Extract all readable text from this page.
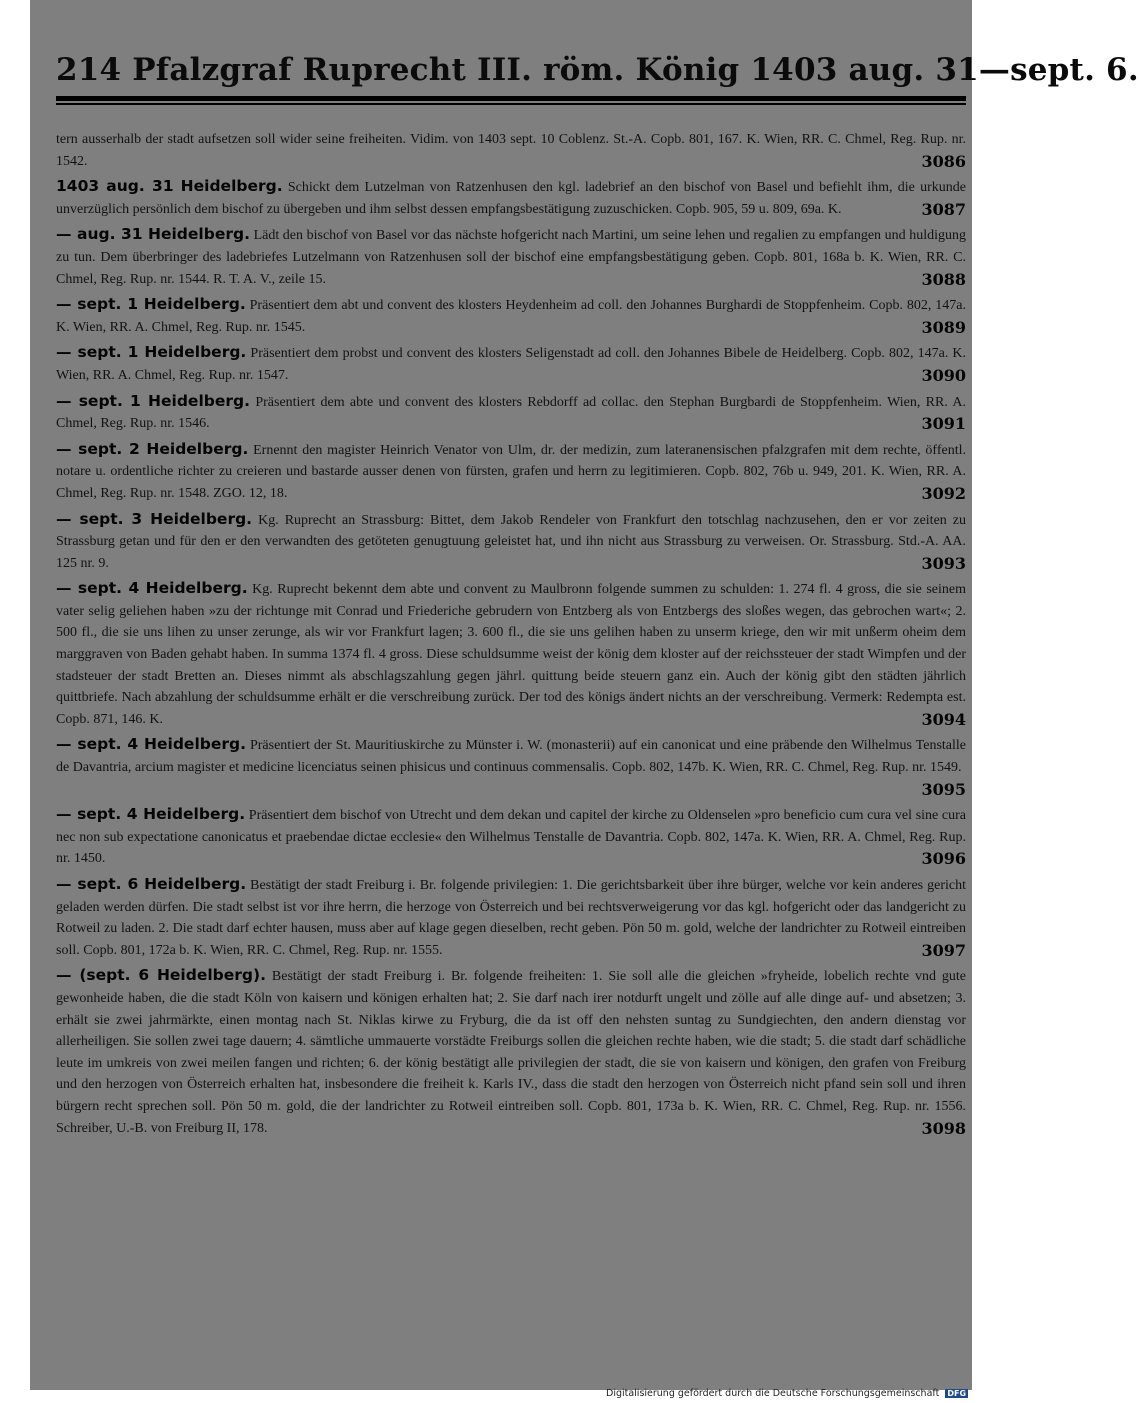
214 Pfalzgraf Ruprecht III. röm. König 1403 aug. 31—sept. 6.
tern ausserhalb der stadt aufsetzen soll wider seine freiheiten. Vidim. von 1403 sept. 10 Coblenz. St.-A. Copb. 801, 167. K. Wien, RR. C. Chmel, Reg. Rup. nr. 1542.	3086
1403 aug. 31 Heidelberg. Schickt dem Lutzelman von Ratzenhusen den kgl. ladebrief an den bischof von Basel und befiehlt ihm, die urkunde unverzüglich persönlich dem bischof zu übergeben und ihm selbst dessen empfangsbestätigung zuzuschicken. Copb. 905, 59 u. 809, 69a. K.	3087
— aug. 31 Heidelberg. Lädt den bischof von Basel vor das nächste hofgericht nach Martini, um seine lehen und regalien zu empfangen und huldigung zu tun. Dem überbringer des ladebriefes Lutzelmann von Ratzenhusen soll der bischof eine empfangsbestätigung geben. Copb. 801, 168a b. K. Wien, RR. C. Chmel, Reg. Rup. nr. 1544. R. T. A. V., zeile 15.	3088
— sept. 1 Heidelberg. Präsentiert dem abt und convent des klosters Heydenheim ad coll. den Johannes Burghardi de Stoppfenheim. Copb. 802, 147a. K. Wien, RR. A. Chmel, Reg. Rup. nr. 1545.	3089
— sept. 1 Heidelberg. Präsentiert dem probst und convent des klosters Seligenstadt ad coll. den Johannes Bibele de Heidelberg. Copb. 802, 147a. K. Wien, RR. A. Chmel, Reg. Rup. nr. 1547.	3090
— sept. 1 Heidelberg. Präsentiert dem abte und convent des klosters Rebdorff ad collac. den Stephan Burgbardi de Stoppfenheim. Wien, RR. A. Chmel, Reg. Rup. nr. 1546.	3091
— sept. 2 Heidelberg. Ernennt den magister Heinrich Venator von Ulm, dr. der medizin, zum lateranensischen pfalzgrafen mit dem rechte, öffentl. notare u. ordentliche richter zu creieren und bastarde ausser denen von fürsten, grafen und herrn zu legitimieren. Copb. 802, 76b u. 949, 201. K. Wien, RR. A. Chmel, Reg. Rup. nr. 1548. ZGO. 12, 18.	3092
— sept. 3 Heidelberg. Kg. Ruprecht an Strassburg: Bittet, dem Jakob Rendeler von Frankfurt den totschlag nachzusehen, den er vor zeiten zu Strassburg getan und für den er den verwandten des getöteten genugtuung geleistet hat, und ihn nicht aus Strassburg zu verweisen. Or. Strassburg. Std.-A. AA. 125 nr. 9.	3093
— sept. 4 Heidelberg. Kg. Ruprecht bekennt dem abte und convent zu Maulbronn folgende summen zu schulden: 1. 274 fl. 4 gross, die sie seinem vater selig geliehen haben »zu der richtunge mit Conrad und Friederiche gebrudern von Entzberg als von Entzbergs des sloßes wegen, das gebrochen wart«; 2. 500 fl., die sie uns lihen zu unser zerunge, als wir vor Frankfurt lagen; 3. 600 fl., die sie uns gelihen haben zu unserm kriege, den wir mit unßerm oheim dem marggraven von Baden gehabt haben. In summa 1374 fl. 4 gross. Diese schuldsumme weist der könig dem kloster auf der reichssteuer der stadt Wimpfen und der stadsteuer der stadt Bretten an. Dieses nimmt als abschlagszahlung gegen jährl. quittung beide steuern ganz ein. Auch der könig gibt den städten jährlich quittbriefe. Nach abzahlung der schuldsumme erhält er die verschreibung zurück. Der tod des königs ändert nichts an der verschreibung. Vermerk: Redempta est. Copb. 871, 146. K.	3094
— sept. 4 Heidelberg. Präsentiert der St. Mauritiuskirche zu Münster i. W. (monasterii) auf ein canonicat und eine präbende den Wilhelmus Tenstalle de Davantria, arcium magister et medicine licenciatus seinen phisicus und continuus commensalis. Copb. 802, 147b. K. Wien, RR. C. Chmel, Reg. Rup. nr. 1549.
3095
— sept. 4 Heidelberg. Präsentiert dem bischof von Utrecht und dem dekan und capitel der kirche zu Oldenselen »pro beneficio cum cura vel sine cura nec non sub expectatione canonicatus et praebendae dictae ecclesie« den Wilhelmus Tenstalle de Davantria. Copb. 802, 147a. K. Wien, RR. A. Chmel, Reg. Rup. nr. 1450.	3096
— sept. 6 Heidelberg. Bestätigt der stadt Freiburg i. Br. folgende privilegien: 1. Die gerichtsbarkeit über ihre bürger, welche vor kein anderes gericht geladen werden dürfen. Die stadt selbst ist vor ihre herrn, die herzoge von Österreich und bei rechtsverweigerung vor das kgl. hofgericht oder das landgericht zu Rotweil zu laden. 2. Die stadt darf echter hausen, muss aber auf klage gegen dieselben, recht geben. Pön 50 m. gold, welche der landrichter zu Rotweil eintreiben soll. Copb. 801, 172a b. K. Wien, RR. C. Chmel, Reg. Rup. nr. 1555.	3097
— (sept. 6 Heidelberg). Bestätigt der stadt Freiburg i. Br. folgende freiheiten: 1. Sie soll alle die gleichen »fryheide, lobelich rechte vnd gute gewonheide haben, die die stadt Köln von kaisern und königen erhalten hat; 2. Sie darf nach irer notdurft ungelt und zölle auf alle dinge auf- und absetzen; 3. erhält sie zwei jahrmärkte, einen montag nach St. Niklas kirwe zu Fryburg, die da ist off den nehsten suntag zu Sundgiechten, den andern dienstag vor allerheiligen. Sie sollen zwei tage dauern; 4. sämtliche ummauerte vorstädte Freiburgs sollen die gleichen rechte haben, wie die stadt; 5. die stadt darf schädliche leute im umkreis von zwei meilen fangen und richten; 6. der könig bestätigt alle privilegien der stadt, die sie von kaisern und königen, den grafen von Freiburg und den herzogen von Österreich erhalten hat, insbesondere die freiheit k. Karls IV., dass die stadt den herzogen von Österreich nicht pfand sein soll und ihren bürgern recht sprechen soll. Pön 50 m. gold, die der landrichter zu Rotweil eintreiben soll. Copb. 801, 173a b. K. Wien, RR. C. Chmel, Reg. Rup. nr. 1556. Schreiber, U.-B. von Freiburg II, 178.	3098
Digitalisierung gefördert durch die Deutsche Forschungsgemeinschaft DFG
